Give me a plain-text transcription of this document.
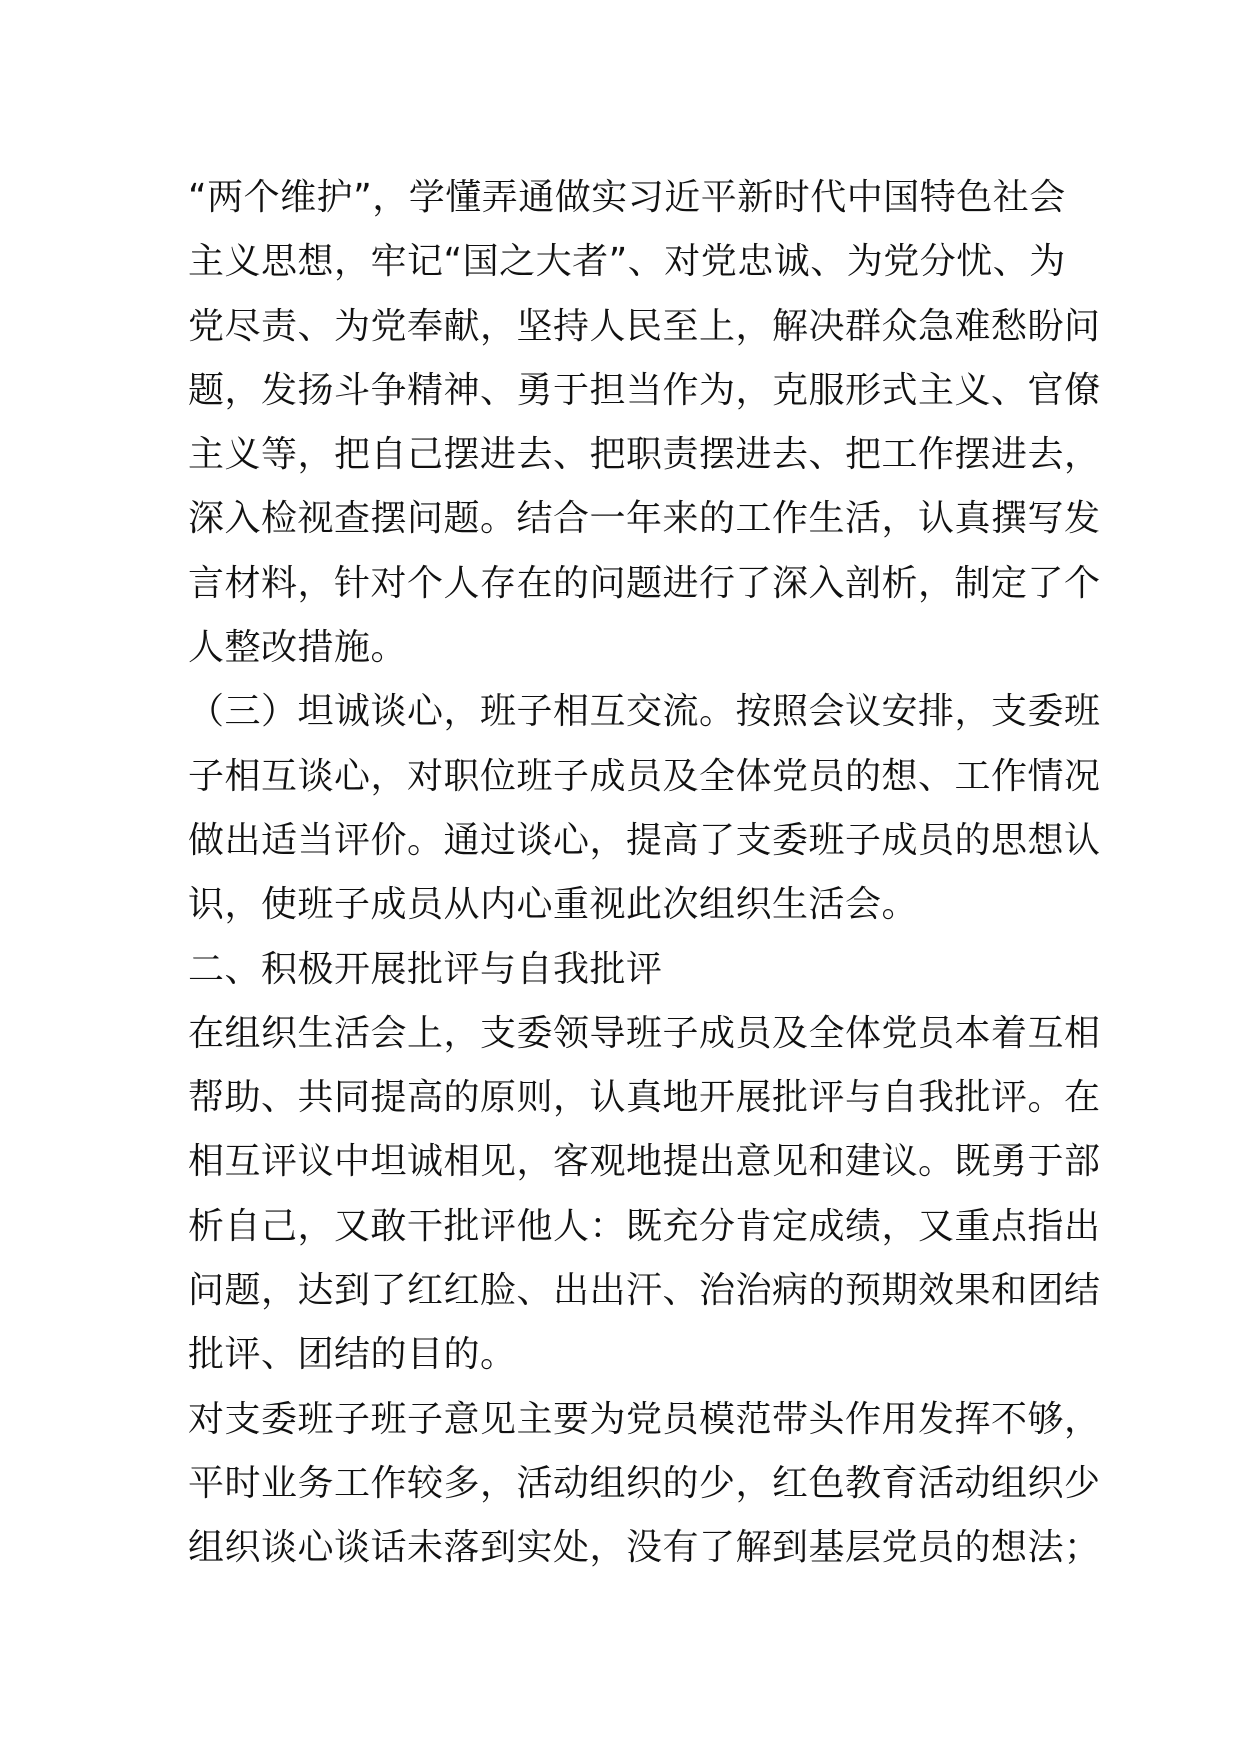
“两个维护”，学懂弄通做实习近平新时代中国特色社会
主义思想，牢记“国之大者”、对党忠诚、为党分忧、为
党尽责、为党奉献，坚持人民至上，解决群众急难愁盼问
题，发扬斗争精神、勇于担当作为，克服形式主义、官僚
主义等，把自己摆进去、把职责摆进去、把工作摆进去，
深入检视查摆问题。结合一年来的工作生活，认真撰写发
言材料，针对个人存在的问题进行了深入剖析，制定了个
人整改措施。
（三）坦诚谈心，班子相互交流。按照会议安排，支委班
子相互谈心，对职位班子成员及全体党员的想、工作情况
做出适当评价。通过谈心，提高了支委班子成员的思想认
识，使班子成员从内心重视此次组织生活会。
二、积极开展批评与自我批评
在组织生活会上，支委领导班子成员及全体党员本着互相
帮助、共同提高的原则，认真地开展批评与自我批评。在
相互评议中坦诚相见，客观地提出意见和建议。既勇于部
析自己，又敢干批评他人：既充分肯定成绩，又重点指出
问题，达到了红红脸、出出汗、治治病的预期效果和团结
批评、团结的目的。
对支委班子班子意见主要为党员模范带头作用发挥不够，
平时业务工作较多，活动组织的少，红色教育活动组织少
组织谈心谈话未落到实处，没有了解到基层党员的想法；
